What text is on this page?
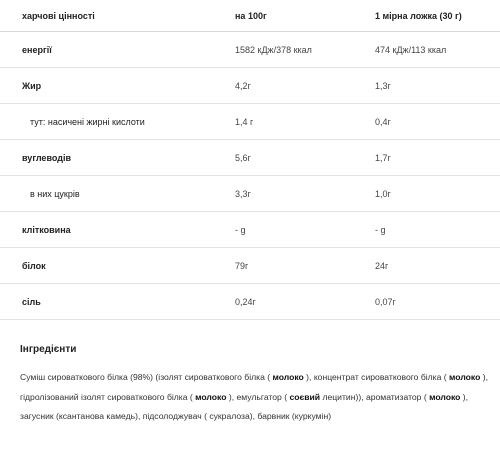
харчові цінності	на 100г	1 мірна ложка (30 г)
енергії	1582 кДж/378 ккал	474 кДж/113 ккал
Жир	4,2г	1,3г
тут: насичені жирні кислоти	1,4 г	0,4г
вуглеводів	5,6г	1,7г
в них цукрів	3,3г	1,0г
клітковина	- g	- g
білок	79г	24г
сіль	0,24г	0,07г
Інгредієнти
Суміш сироваткового білка (98%) (ізолят сироваткового білка ( молоко ), концентрат сироваткового білка ( молоко ), гідролізований ізолят сироваткового білка ( молоко ), емульгатор ( соєвий лецитин)), ароматизатор ( молоко ), загусник (ксантанова камедь), підсолоджувач ( сукралоза), барвник (куркумін)
